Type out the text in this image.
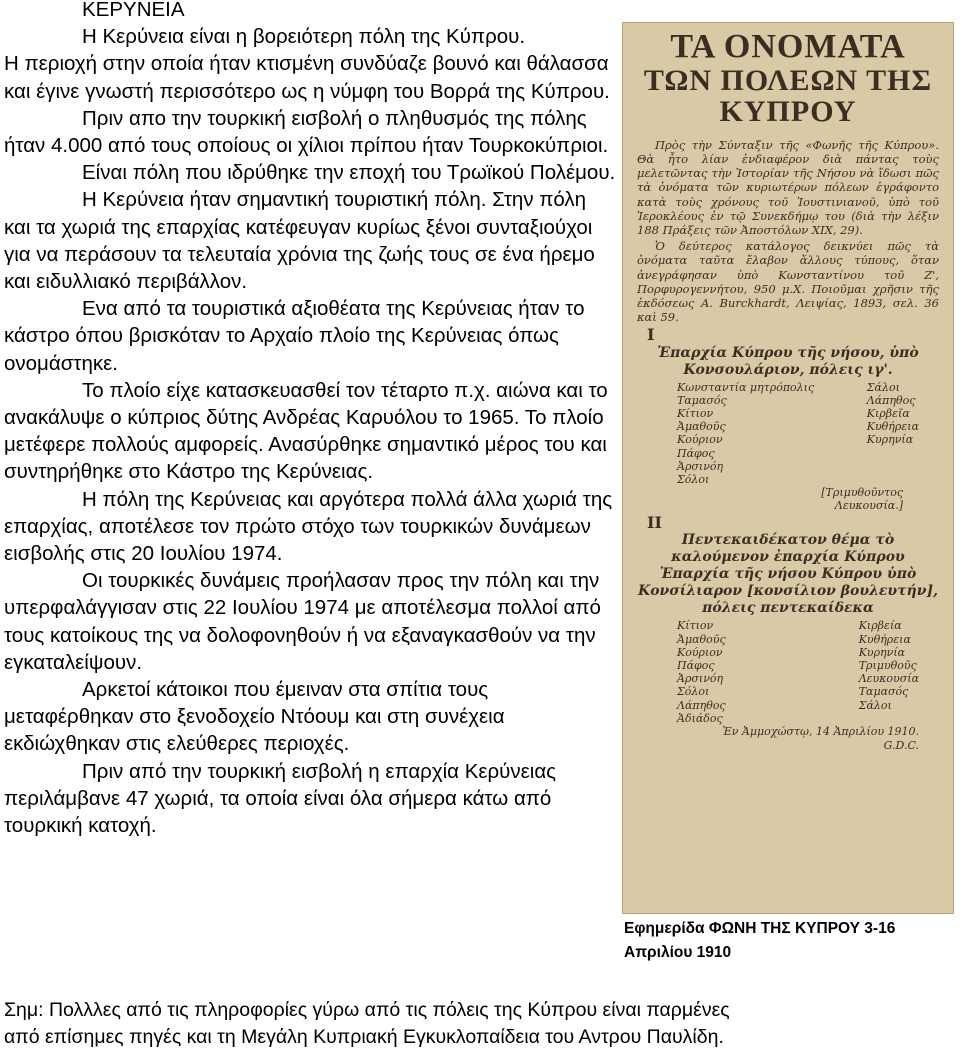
ΚΕΡΥΝΕΙΑ

Η Κερύνεια είναι η βορειότερη πόλη της Κύπρου.

Η περιοχή στην οποία ήταν κτισμένη συνδύαζε βουνό και θάλασσα και έγινε γνωστή περισσότερο ως η νύμφη του Βορρά της Κύπρου.

Πριν απο την τουρκική εισβολή ο πληθυσμός της πόλης ήταν 4.000 από τους οποίους οι χίλιοι πρίπου ήταν Τουρκοκύπριοι.

Είναι πόλη που ιδρύθηκε την εποχή του Τρωϊκού Πολέμου.

Η Κερύνεια ήταν σημαντική τουριστική πόλη. Στην πόλη και τα χωριά της επαρχίας κατέφευγαν κυρίως ξένοι συνταξιούχοι για να περάσουν τα τελευταία χρόνια της ζωής τους σε ένα ήρεμο και ειδυλλιακό περιβάλλον.

Ενα από τα τουριστικά αξιοθέατα της Κερύνειας ήταν το κάστρο όπου βρισκόταν το Αρχαίο πλοίο της Κερύνειας όπως ονομάστηκε.

Το πλοίο είχε κατασκευασθεί τον τέταρτο π.χ. αιώνα και το ανακάλυψε ο κύπριος δύτης Ανδρέας Καρυόλου το 1965. Το πλοίο μετέφερε πολλούς αμφορείς. Ανασύρθηκε σημαντικό μέρος του και συντηρήθηκε στο Κάστρο της Κερύνειας.

Η πόλη της Κερύνειας και αργότερα πολλά άλλα χωριά της επαρχίας, αποτέλεσε τον πρώτο στόχο των τουρκικών δυνάμεων εισβολής στις 20 Ιουλίου 1974.

Οι τουρκικές δυνάμεις προήλασαν προς την πόλη και την υπερφαλάγγισαν στις 22 Ιουλίου 1974 με αποτέλεσμα πολλοί από τους κατοίκους της να δολοφονηθούν ή να εξαναγκασθούν να την εγκαταλείψουν.

Αρκετοί κάτοικοι που έμειναν στα σπίτια τους μεταφέρθηκαν στο ξενοδοχείο Ντόουμ και στη συνέχεια εκδιώχθηκαν στις ελεύθερες περιοχές.

Πριν από την τουρκική εισβολή η επαρχία Κερύνειας περιλάμβανε 47 χωριά, τα οποία είναι όλα σήμερα κάτω από τουρκική κατοχή.

ΤΑ ΟΝΟΜΑΤΑ
ΤΩΝ ΠΟΛΕΩΝ ΤΗΣ ΚΥΠΡΟΥ

Πρὸς τὴν Σύνταξιν τῆς «Φωνῆς τῆς Κύπρου». Θὰ ἦτο λίαν ἐνδιαφέρον διὰ πάντας τοὺς μελετῶντας τὴν Ἱστορίαν τῆς Νήσου νὰ ἴδωσι πῶς τὰ ὀνόματα τῶν κυριωτέρων πόλεων ἐγράφοντο κατὰ τοὺς χρόνους τοῦ Ἰουστινιανοῦ, ὑπὸ τοῦ Ἱεροκλέους ἐν τῷ Συνεκδήμῳ του (διὰ τὴν λέξιν 188 Πράξεις τῶν Ἀποστόλων XIX, 29).

Ὁ δεύτερος κατάλογος δεικνύει πῶς τὰ ὀνόματα ταῦτα ἔλαβον ἄλλους τύπους, ὅταν ἀνεγράφησαν ὑπὸ Κωνσταντίνου τοῦ Ζ', Πορφυρογεννήτου, 950 μ.Χ. Ποιοῦμαι χρῆσιν τῆς ἐκδόσεως A. Burckhardt, Λειψίας, 1893, σελ. 36 καὶ 59.

Ι
Ἐπαρχία Κύπρου τῆς νήσου, ὑπὸ Κονσουλάριον, πόλεις ιγ'.
Κωνσταντία μητρόπολις
Ταμασός
Κίτιον
Ἀμαθοῦς
Κούριον
Πάφος
Ἀρσινόη
Σόλοι
Σάλοι
Λάπηθος
Κιρβεῖα
Κυθήρεια
Κυρηνία
[Τριμυθοῦντος
Λευκουσία.]
ΙΙ
Πεντεκαιδέκατον θέμα τὸ καλούμενον ἐπαρχία Κύπρου Ἐπαρχία τῆς νήσου Κύπρου ὑπὸ Κονσίλιαρον [κονσίλιον βουλευτήν], πόλεις πεντεκαίδεκα
Κίτιον
Ἀμαθοῦς
Κούριον
Πάφος
Ἀρσινόη
Σόλοι
Λάπηθος
Ἀδιάδος
Κιρβεία
Κυθήρεια
Κυρηνία
Τριμυθοῦς
Λευκουσία
Ταμασός
Σάλοι
Ἐν Ἀμμοχώστῳ, 14 Ἀπριλίου 1910.
G.D.C.
Εφημερίδα ΦΩΝΗ ΤΗΣ ΚΥΠΡΟΥ 3-16
Απριλίου 1910

Σημ: Πολλλες από τις πληροφορίες γύρω από τις πόλεις της Κύπρου είναι παρμένες

από επίσημες πηγές και τη Μεγάλη Κυπριακή Εγκυκλοπαίδεια του Αντρου Παυλίδη.
